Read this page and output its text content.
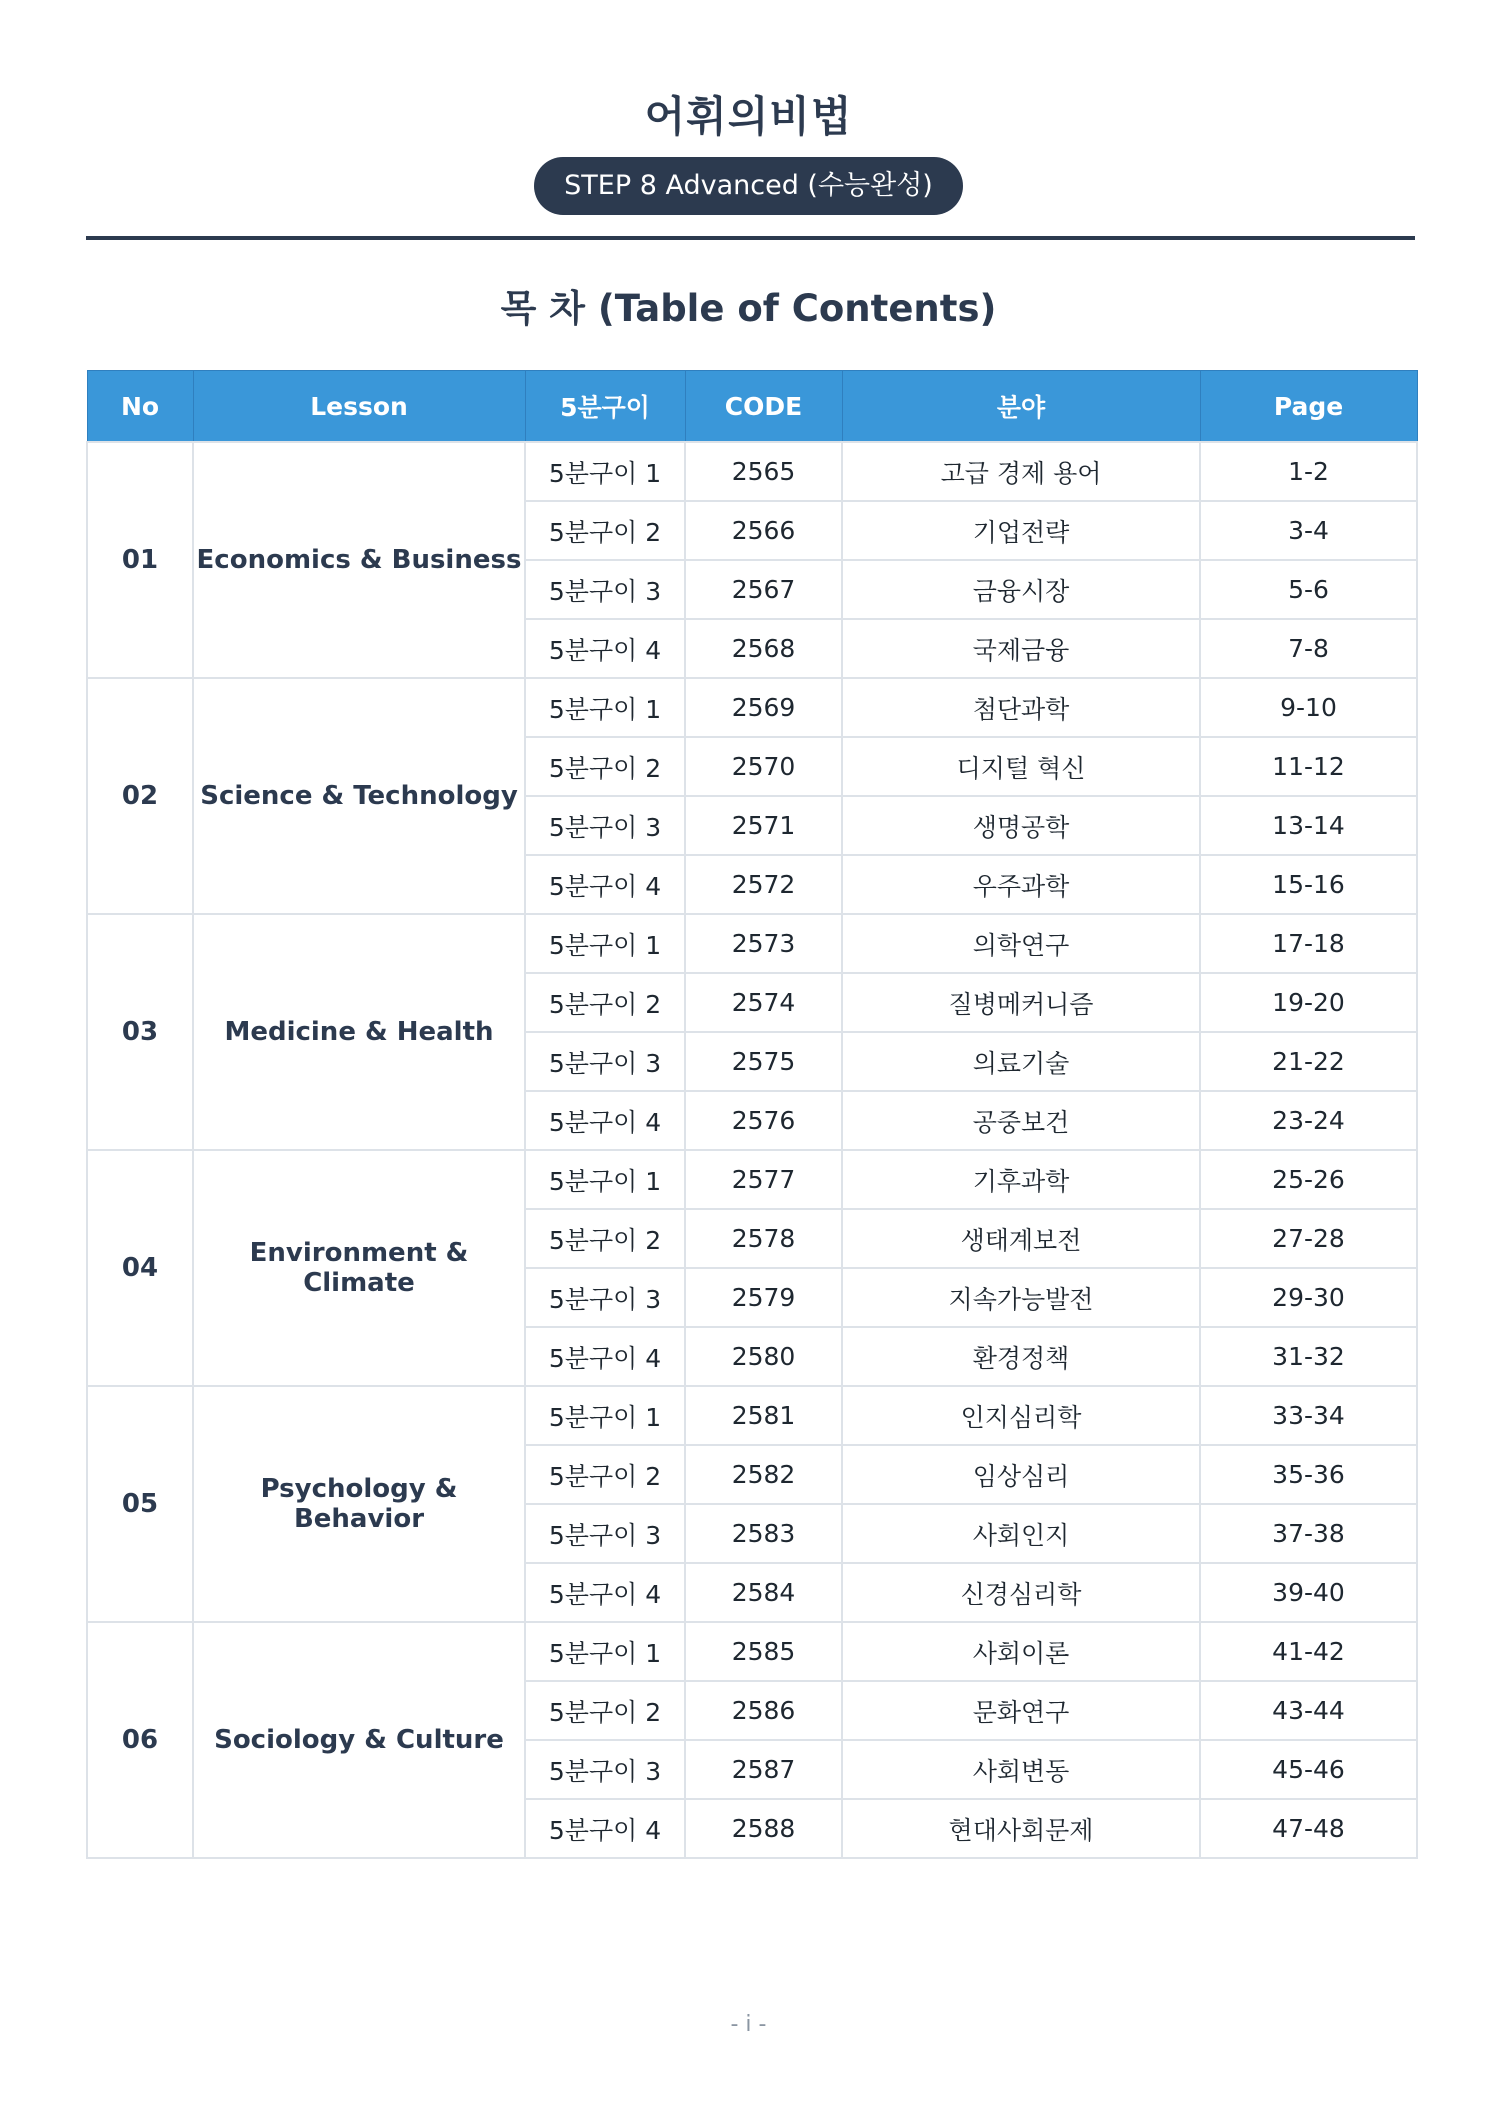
어휘의비법
STEP 8 Advanced (수능완성)
목 차 (Table of Contents)
No	Lesson	5분구이	CODE	분야	Page
01	Economics & Business	5분구이 1	2565	고급 경제 용어	1-2
		5분구이 2	2566	기업전략	3-4
		5분구이 3	2567	금융시장	5-6
		5분구이 4	2568	국제금융	7-8
02	Science & Technology	5분구이 1	2569	첨단과학	9-10
		5분구이 2	2570	디지털 혁신	11-12
		5분구이 3	2571	생명공학	13-14
		5분구이 4	2572	우주과학	15-16
03	Medicine & Health	5분구이 1	2573	의학연구	17-18
		5분구이 2	2574	질병메커니즘	19-20
		5분구이 3	2575	의료기술	21-22
		5분구이 4	2576	공중보건	23-24
04	Environment & Climate	5분구이 1	2577	기후과학	25-26
		5분구이 2	2578	생태계보전	27-28
		5분구이 3	2579	지속가능발전	29-30
		5분구이 4	2580	환경정책	31-32
05	Psychology & Behavior	5분구이 1	2581	인지심리학	33-34
		5분구이 2	2582	임상심리	35-36
		5분구이 3	2583	사회인지	37-38
		5분구이 4	2584	신경심리학	39-40
06	Sociology & Culture	5분구이 1	2585	사회이론	41-42
		5분구이 2	2586	문화연구	43-44
		5분구이 3	2587	사회변동	45-46
		5분구이 4	2588	현대사회문제	47-48
- i -
